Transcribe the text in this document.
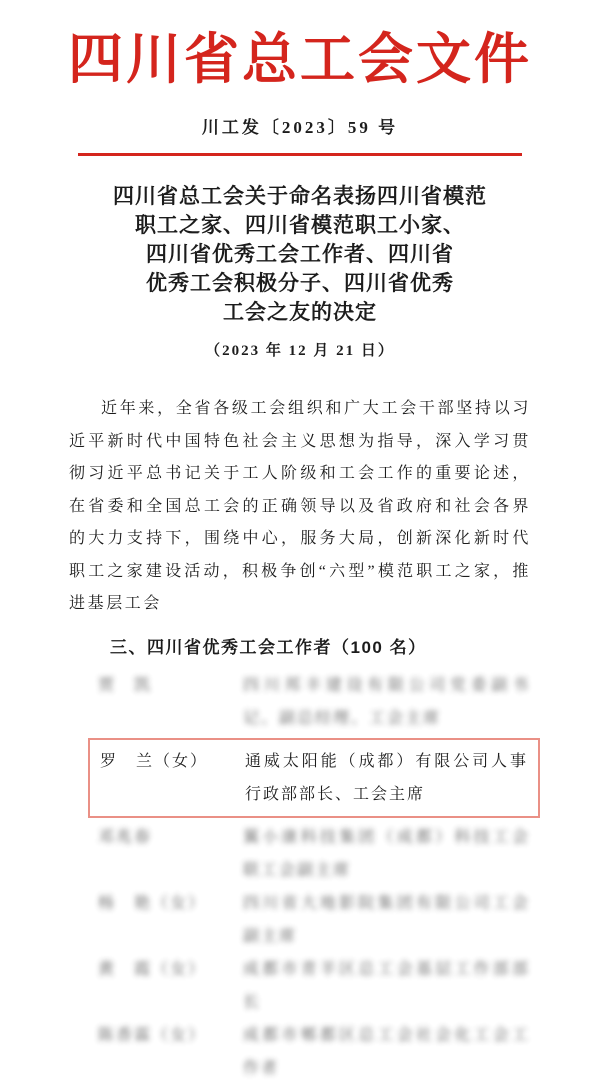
四川省总工会文件
川工发〔2023〕59 号
四川省总工会关于命名表扬四川省模范
职工之家、四川省模范职工小家、
四川省优秀工会工作者、四川省
优秀工会积极分子、四川省优秀
工会之友的决定
（2023 年 12 月 21 日）
近年来，全省各级工会组织和广大工会干部坚持以习近平新时代中国特色社会主义思想为指导，深入学习贯彻习近平总书记关于工人阶级和工会工作的重要论述，在省委和全国总工会的正确领导以及省政府和社会各界的大力支持下，围绕中心，服务大局，创新深化新时代职工之家建设活动，积极争创“六型”模范职工之家，推进基层工会
三、四川省优秀工会工作者（100 名）
贾　凯	四川邦丰建设有限公司党委副书记、副总经理、工会主席
罗　兰（女）	通威太阳能（成都）有限公司人事行政部部长、工会主席
邓兆春	翼小康科技集团（成都）科技工会联工会副主席
杨　艳（女）	四川省大地影院集团有限公司工会副主席
黄　霞（女）	成都市青羊区总工会基层工作部部长
陈香霖（女）	成都市郫都区总工会社会化工会工作者
